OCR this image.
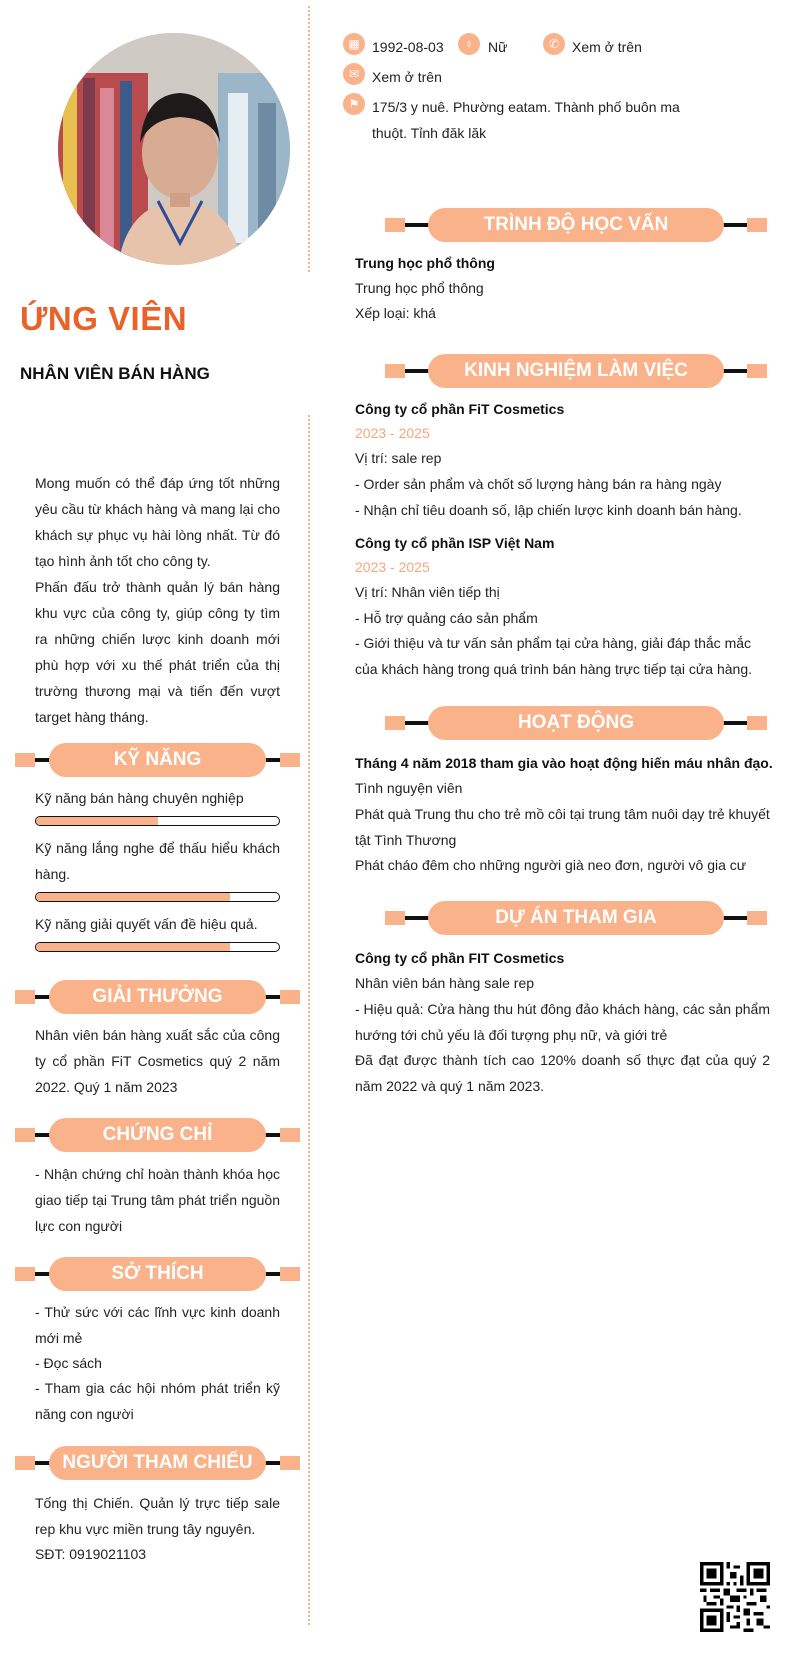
ỨNG VIÊN
NHÂN VIÊN BÁN HÀNG

Mong muốn có thể đáp ứng tốt những yêu cầu từ khách hàng và mang lại cho khách sự phục vụ hài lòng nhất. Từ đó tạo hình ảnh tốt cho công ty.

Phấn đấu trở thành quản lý bán hàng khu vực của công ty, giúp công ty tìm ra những chiến lược kinh doanh mới phù hợp với xu thế phát triển của thị trường thương mại và tiến đến vượt target hàng tháng.

▦ 1992-08-03	♀	Nữ	✆ Xem ở trên
✉ Xem ở trên
⚑ 175/3 y nuê. Phường eatam. Thành phố buôn ma
thuột. Tỉnh đăk lăk
TRÌNH ĐỘ HỌC VẤN
Trung học phổ thông
Trung học phổ thông
Xếp loại: khá
KINH NGHIỆM LÀM VIỆC
Công ty cổ phần FiT Cosmetics
2023 - 2025
Vị trí: sale rep
- Order sản phẩm và chốt số lượng hàng bán ra hàng ngày
- Nhận chỉ tiêu doanh số, lập chiến lược kinh doanh bán hàng.
Công ty cổ phần ISP Việt Nam
2023 - 2025
Vị trí: Nhân viên tiếp thị
- Hỗ trợ quảng cáo sản phẩm
- Giới thiệu và tư vấn sản phẩm tại cửa hàng, giải đáp thắc mắc của khách hàng trong quá trình bán hàng trực tiếp tại cửa hàng.
HOẠT ĐỘNG
Tháng 4 năm 2018 tham gia vào hoạt động hiến máu nhân đạo.
Tình nguyện viên
Phát quà Trung thu cho trẻ mồ côi tại trung tâm nuôi dạy trẻ khuyết tật Tình Thương
Phát cháo đêm cho những người già neo đơn, người vô gia cư
DỰ ÁN THAM GIA
Công ty cổ phần FIT Cosmetics
Nhân viên bán hàng sale rep
- Hiệu quả: Cửa hàng thu hút đông đảo khách hàng, các sản phẩm hướng tới chủ yếu là đối tượng phụ nữ, và giới trẻ
Đã đạt được thành tích cao 120% doanh số thực đạt của quý 2 năm 2022 và quý 1 năm 2023.
KỸ NĂNG
Kỹ năng bán hàng chuyên nghiệp
Kỹ năng lắng nghe để thấu hiểu khách hàng.
Kỹ năng giải quyết vấn đề hiệu quả.
GIẢI THƯỞNG
Nhân viên bán hàng xuất sắc của công ty cổ phần FiT Cosmetics quý 2 năm 2022. Quý 1 năm 2023
CHỨNG CHỈ
- Nhận chứng chỉ hoàn thành khóa học giao tiếp tại Trung tâm phát triển nguồn lực con người
SỞ THÍCH
- Thử sức với các lĩnh vực kinh doanh mới mẻ
- Đọc sách
- Tham gia các hội nhóm phát triển kỹ năng con người
NGƯỜI THAM CHIẾU
Tống thị Chiến. Quản lý trực tiếp sale rep khu vực miền trung tây nguyên.
SĐT: 0919021103
